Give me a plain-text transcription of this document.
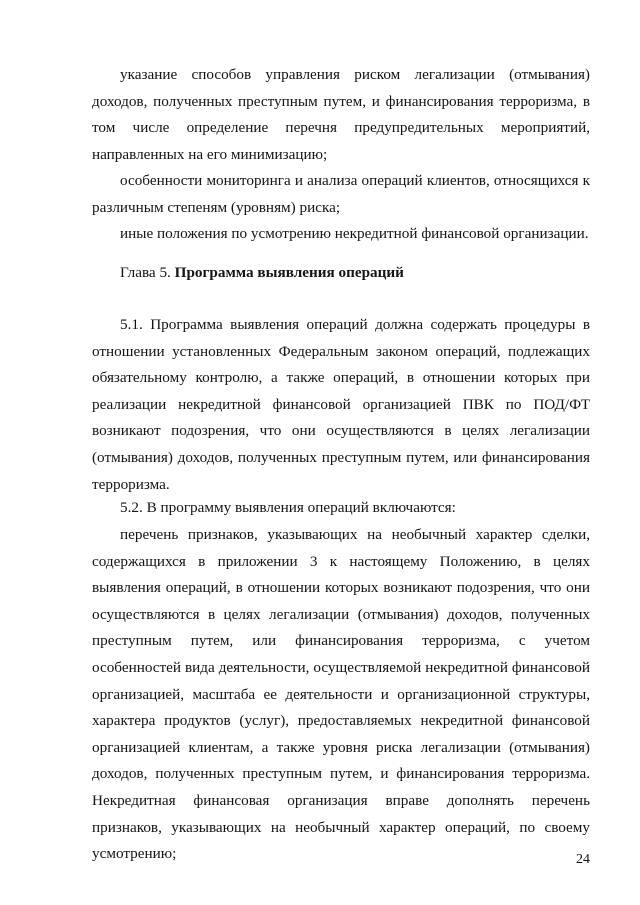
указание способов управления риском легализации (отмывания) доходов, полученных преступным путем, и финансирования терроризма, в том числе определение перечня предупредительных мероприятий, направленных на его минимизацию;

особенности мониторинга и анализа операций клиентов, относящихся к различным степеням (уровням) риска;

иные положения по усмотрению некредитной финансовой организации.

Глава 5. Программа выявления операций

5.1. Программа выявления операций должна содержать процедуры в отношении установленных Федеральным законом операций, подлежащих обязательному контролю, а также операций, в отношении которых при реализации некредитной финансовой организацией ПВК по ПОД/ФТ возникают подозрения, что они осуществляются в целях легализации (отмывания) доходов, полученных преступным путем, или финансирования терроризма.

5.2. В программу выявления операций включаются:

перечень признаков, указывающих на необычный характер сделки, содержащихся в приложении 3 к настоящему Положению, в целях выявления операций, в отношении которых возникают подозрения, что они осуществляются в целях легализации (отмывания) доходов, полученных преступным путем, или финансирования терроризма, с учетом особенностей вида деятельности, осуществляемой некредитной финансовой организацией, масштаба ее деятельности и организационной структуры, характера продуктов (услуг), предоставляемых некредитной финансовой организацией клиентам, а также уровня риска легализации (отмывания) доходов, полученных преступным путем, и финансирования терроризма. Некредитная финансовая организация вправе дополнять перечень признаков, указывающих на необычный характер операций, по своему усмотрению;	24
